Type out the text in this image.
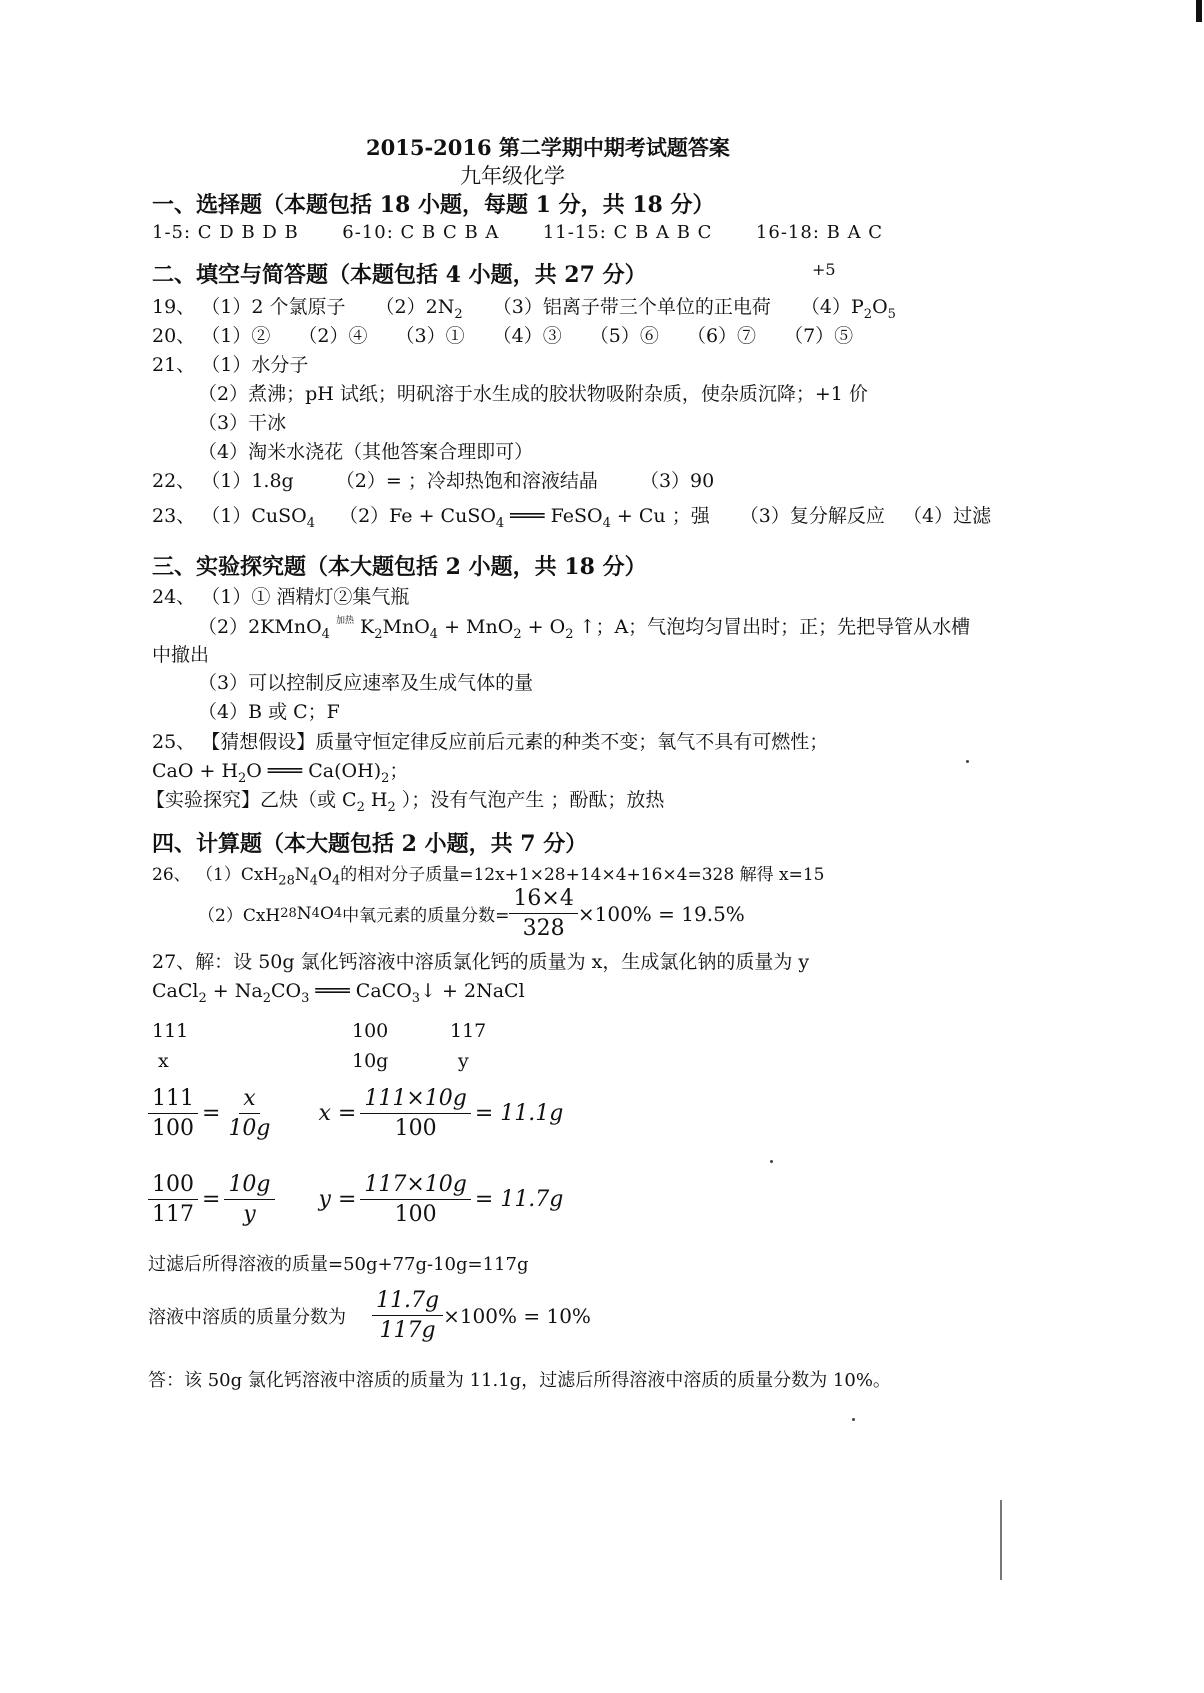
2015-2016 第二学期中期考试题答案
九年级化学
一、选择题（本题包括 18 小题，每题 1 分，共 18 分）
1-5: C D B D B 6-10: C B C B A 11-15: C B A B C 16-18: B A C
二、填空与简答题（本题包括 4 小题，共 27 分）	+5
19、 （1）2 个氯原子 $(2)2N_2$ （3）铝离子带三个单位的正电荷 $(4)P_2O_5$
20、 （1）② （2）④ （3）① （4）③ （5）⑥ （6）⑦ （7）⑤
21、 （1）水分子
（2）煮沸；pH 试纸；明矾溶于水生成的胶状物吸附杂质，使杂质沉降；+1 价
（3）干冰
（4）淘米水浇花（其他答案合理即可）
22、 （1）1.8g （2）= ；冷却热饱和溶液结晶 （3）90
23、 （1）CuSO$_4$ （2）Fe + CuSO$_4$ ═══ FeSO$_4$ + Cu ；强 （3）复分解反应 （4）过滤
三、实验探究题（本大题包括 2 小题，共 18 分）
24、 （1）① 酒精灯②集气瓶
（2）2KMnO$_4$ $^{加热}$ $K_2MnO_4 + MnO_2 + O_2$ ↑；A；气泡均匀冒出时；正；先把导管从水槽
中撤出
（3）可以控制反应速率及生成气体的量
（4）B 或 C；F
25、 【猜想假设】质量守恒定律反应前后元素的种类不变；氧气不具有可燃性；
CaO + $H_2O$ ═══ $Ca(OH)_2$；
【实验探究】乙炔（或 $C_2$ $H_2$ ）；没有气泡产生 ；酚酞；放热
四、计算题（本大题包括 2 小题，共 7 分）
26、 $(1)CxH_{28}N_4O_4$的相对分子质量=12x+1×28+14×4+16×4=328 解得 x=15
（2）CxH 28 N 4 O 4 中氧元素的质量分数= $\frac{16\times 4}{328} \times 100\% = 19.5\%$
27、解：设 50g 氯化钙溶液中溶质氯化钙的质量为 x，生成氯化钠的质量为 y
CaCl$_2$ + $Na_2CO_3$ ═══ CaCO$_3$↓ + 2NaCl
111	100	117
x	10g	y
$\frac{111}{100} = \frac{x}{10g}$ $x = \frac{111\times 10g}{100} = 11.1g$
$\frac{100}{117} = \frac{10g}{y}$ $y = \frac{117\times 10g}{100} = 11.7g$
过滤后所得溶液的质量=50g+77g-10g=117g
溶液中溶质的质量分数为 $\frac{11.7g}{117g} \times 100\% = 10\%$
答：该 50g 氯化钙溶液中溶质的质量为 11.1g，过滤后所得溶液中溶质的质量分数为 10%。
